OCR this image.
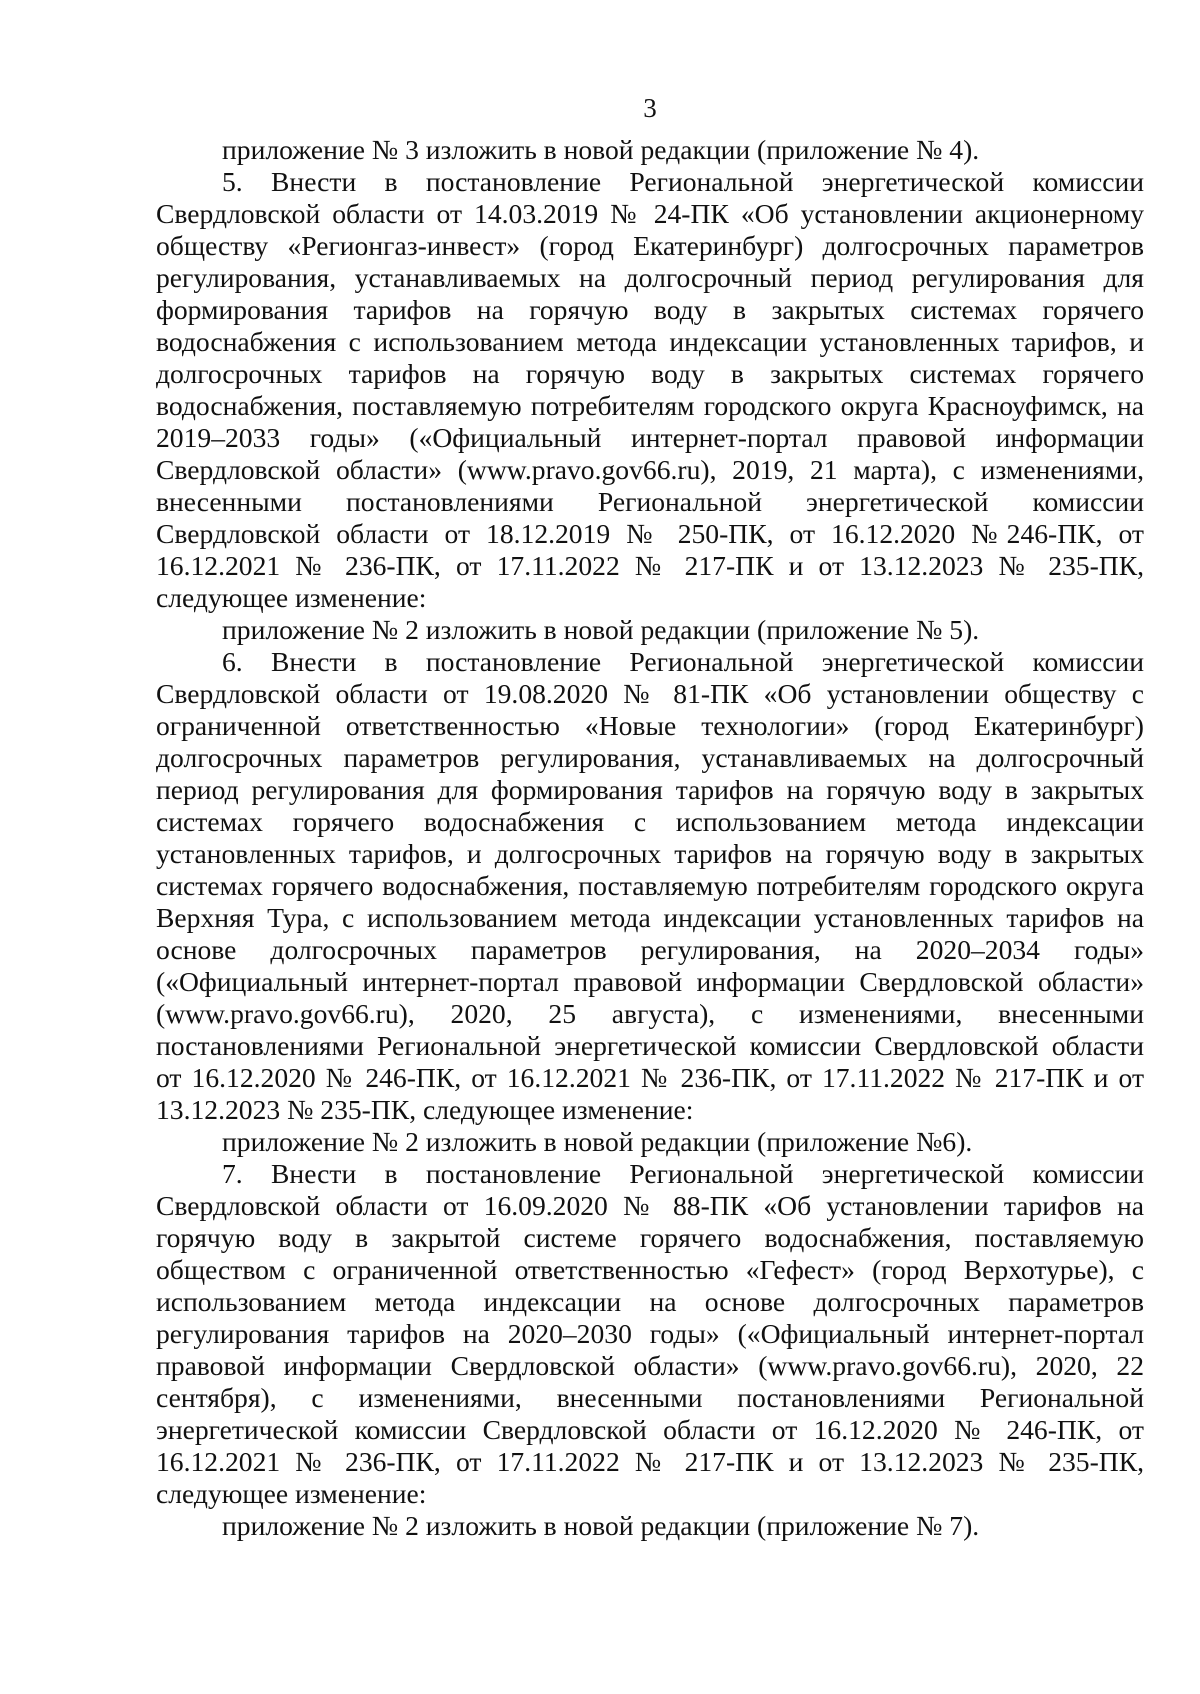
3

приложение № 3 изложить в новой редакции (приложение № 4).

5. Внести в постановление Региональной энергетической комиссии Свердловской области от 14.03.2019 № 24-ПК «Об установлении акционерному обществу «Регионгаз-инвест» (город Екатеринбург) долгосрочных параметров регулирования, устанавливаемых на долгосрочный период регулирования для формирования тарифов на горячую воду в закрытых системах горячего водоснабжения с использованием метода индексации установленных тарифов, и долгосрочных тарифов на горячую воду в закрытых системах горячего водоснабжения, поставляемую потребителям городского округа Красноуфимск, на 2019–2033 годы» («Официальный интернет-портал правовой информации Свердловской области» (www.pravo.gov66.ru), 2019, 21 марта), с изменениями, внесенными постановлениями Региональной энергетической комиссии Свердловской области от 18.12.2019 № 250-ПК, от 16.12.2020 №246-ПК, от 16.12.2021 № 236-ПК, от 17.11.2022 № 217-ПК и от 13.12.2023 № 235-ПК, следующее изменение:

приложение № 2 изложить в новой редакции (приложение № 5).

6. Внести в постановление Региональной энергетической комиссии Свердловской области от 19.08.2020 № 81-ПК «Об установлении обществу с ограниченной ответственностью «Новые технологии» (город Екатеринбург) долгосрочных параметров регулирования, устанавливаемых на долгосрочный период регулирования для формирования тарифов на горячую воду в закрытых системах горячего водоснабжения с использованием метода индексации установленных тарифов, и долгосрочных тарифов на горячую воду в закрытых системах горячего водоснабжения, поставляемую потребителям городского округа Верхняя Тура, с использованием метода индексации установленных тарифов на основе долгосрочных параметров регулирования, на 2020–2034 годы» («Официальный интернет-портал правовой информации Свердловской области» (www.pravo.gov66.ru), 2020, 25 августа), с изменениями, внесенными постановлениями Региональной энергетической комиссии Свердловской области от 16.12.2020 № 246-ПК, от 16.12.2021 № 236-ПК, от 17.11.2022 № 217-ПК и от 13.12.2023 № 235-ПК, следующее изменение:

приложение № 2 изложить в новой редакции (приложение №6).

7. Внести в постановление Региональной энергетической комиссии Свердловской области от 16.09.2020 № 88-ПК «Об установлении тарифов на горячую воду в закрытой системе горячего водоснабжения, поставляемую обществом с ограниченной ответственностью «Гефест» (город Верхотурье), с использованием метода индексации на основе долгосрочных параметров регулирования тарифов на 2020–2030 годы» («Официальный интернет-портал правовой информации Свердловской области» (www.pravo.gov66.ru), 2020, 22 сентября), с изменениями, внесенными постановлениями Региональной энергетической комиссии Свердловской области от 16.12.2020 № 246-ПК, от 16.12.2021 № 236-ПК, от 17.11.2022 № 217-ПК и от 13.12.2023 № 235-ПК, следующее изменение:

приложение № 2 изложить в новой редакции (приложение № 7).
